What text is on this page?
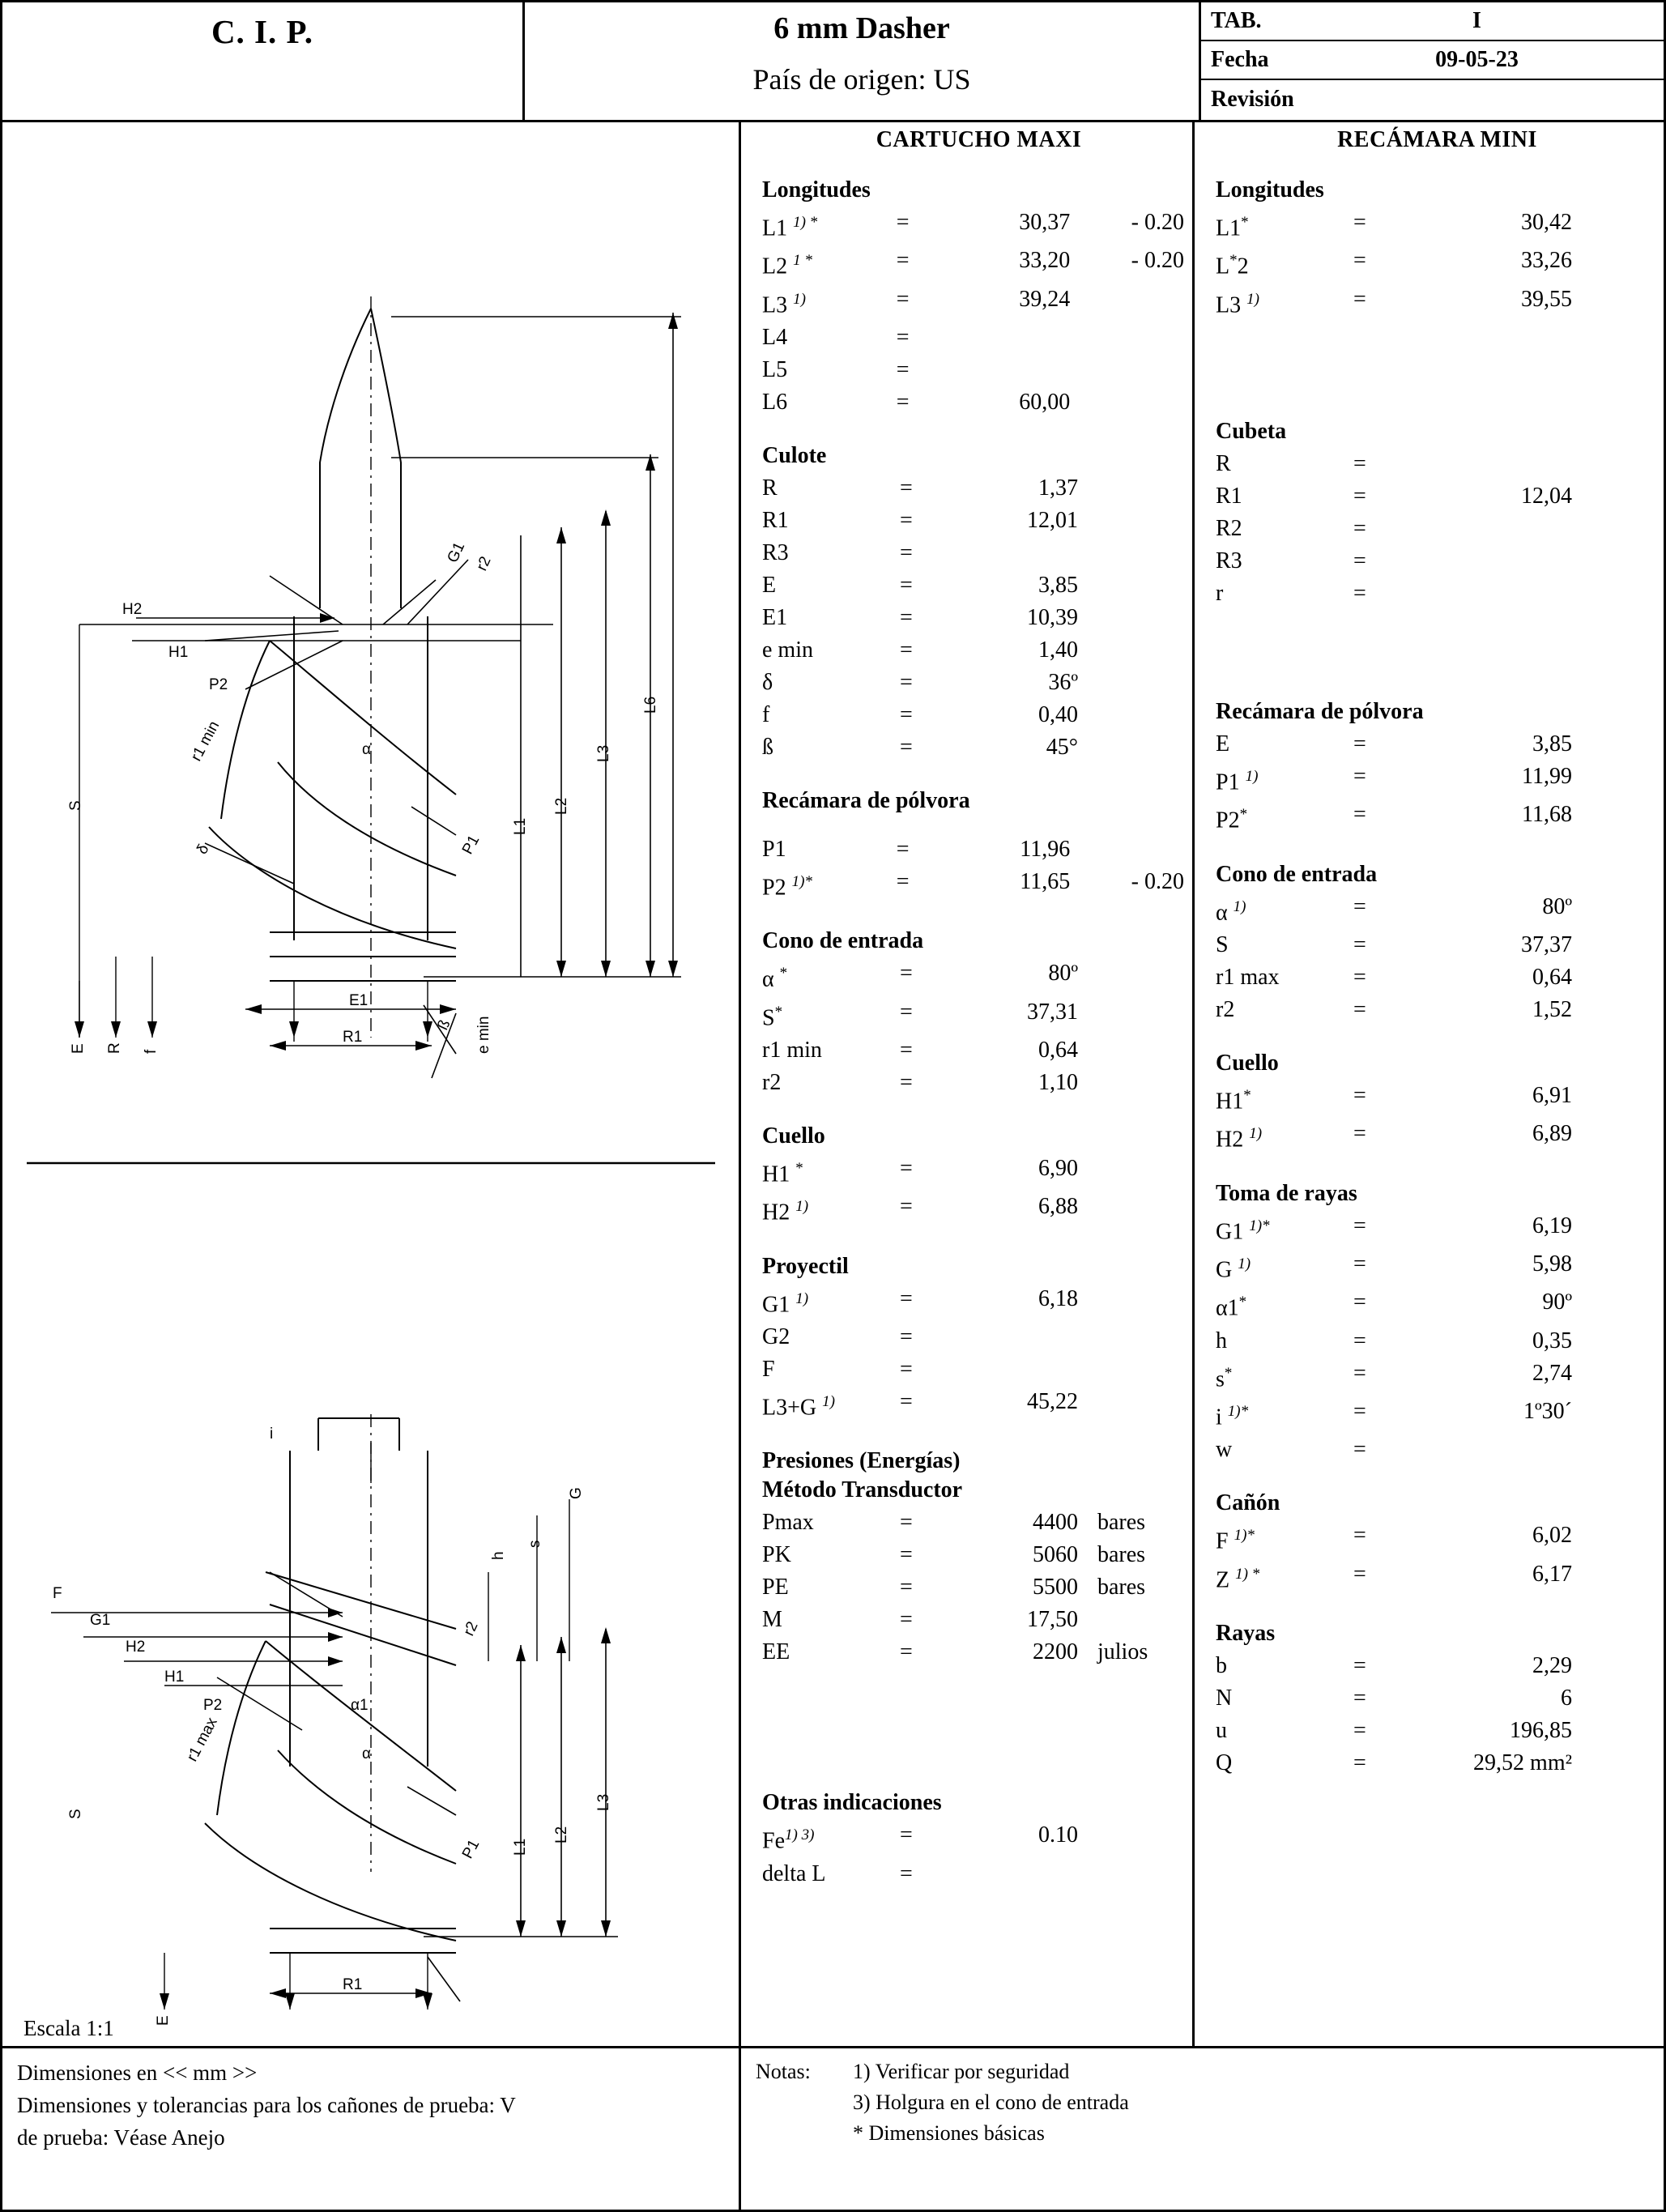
C. I. P.	6 mm Dasher
País de origen: US
TAB.	I
Fecha	09-05-23
Revisión
H2
H1
P2
G1 r2
r1 min
S
δ	P1
L1
L2
L3
L6
E1
R1
ß e min
E R f
α
i
F
G1
H2
H1
P2
G
h
s
r2
r1 max
S
α1
α
L1
L2
L3
P1
R1
E
Escala 1:1
CARTUCHO MAXI
Longitudes
L1 $^{1) *}$	=	30,37	- 0.20
L2 $^{1 *}$	=	33,20	- 0.20
L3 $^{1)}$	=	39,24
L4	=
L5	=
L6	=	60,00
Culote
R	=	1,37
R1	=	12,01
R3	=
E	=	3,85
E1	=	10,39
e min	=	1,40
δ	=	36º
f	=	0,40
ß	=	45°
Recámara de pólvora
P1	=	11,96
P2 $^{1)*}$	=	11,65	- 0.20
Cono de entrada
α *	=	80º
S*	=	37,31
r1 min	=	0,64
r2	=	1,10
Cuello
H1 *	=	6,90
H2 $^{1)}$	=	6,88
Proyectil
G1 $^{1)}$	=	6,18
G2	=
F	=
L3+G $^{1)}$	=	45,22
Presiones (Energías)
Método Transductor
Pmax	=	4400 bares
PK	=	5060 bares
PE	=	5500 bares
M	=	17,50
EE	=	2200 julios
Otras indicaciones
$Fe^{1) 3)}$	=	0.10
delta L	=
RECÁMARA MINI
Longitudes
L1*	=	30,42
L*2	=	33,26
L3 $^{1)}$	=	39,55
Cubeta
R	=
R1	=	12,04
R2	=
R3	=
r	=
Recámara de pólvora
E	=	3,85
P1 $^{1)}$	=	11,99
P2*	=	11,68
Cono de entrada
α $^{1)}$	=	80º
S	=	37,37
r1 max	=	0,64
r2	=	1,52
Cuello
H1*	=	6,91
H2 $^{1)}$	=	6,89
Toma de rayas
G1 $^{1)*}$	=	6,19
G $^{1)}$	=	5,98
α1*	=	90º
h	=	0,35
s*	=	2,74
i $^{1)*}$	=	1º30´
w	=
Cañón
F $^{1)*}$	=	6,02
Z $^{1) *}$	=	6,17
Rayas
b	=	2,29
N	=	6
u	=	196,85
Q	=	29,52 mm²
Dimensiones en << mm >>
Dimensiones y tolerancias para los cañones de prueba: V
de prueba: Véase Anejo
Notas:	1) Verificar por seguridad
3) Holgura en el cono de entrada
* Dimensiones básicas
